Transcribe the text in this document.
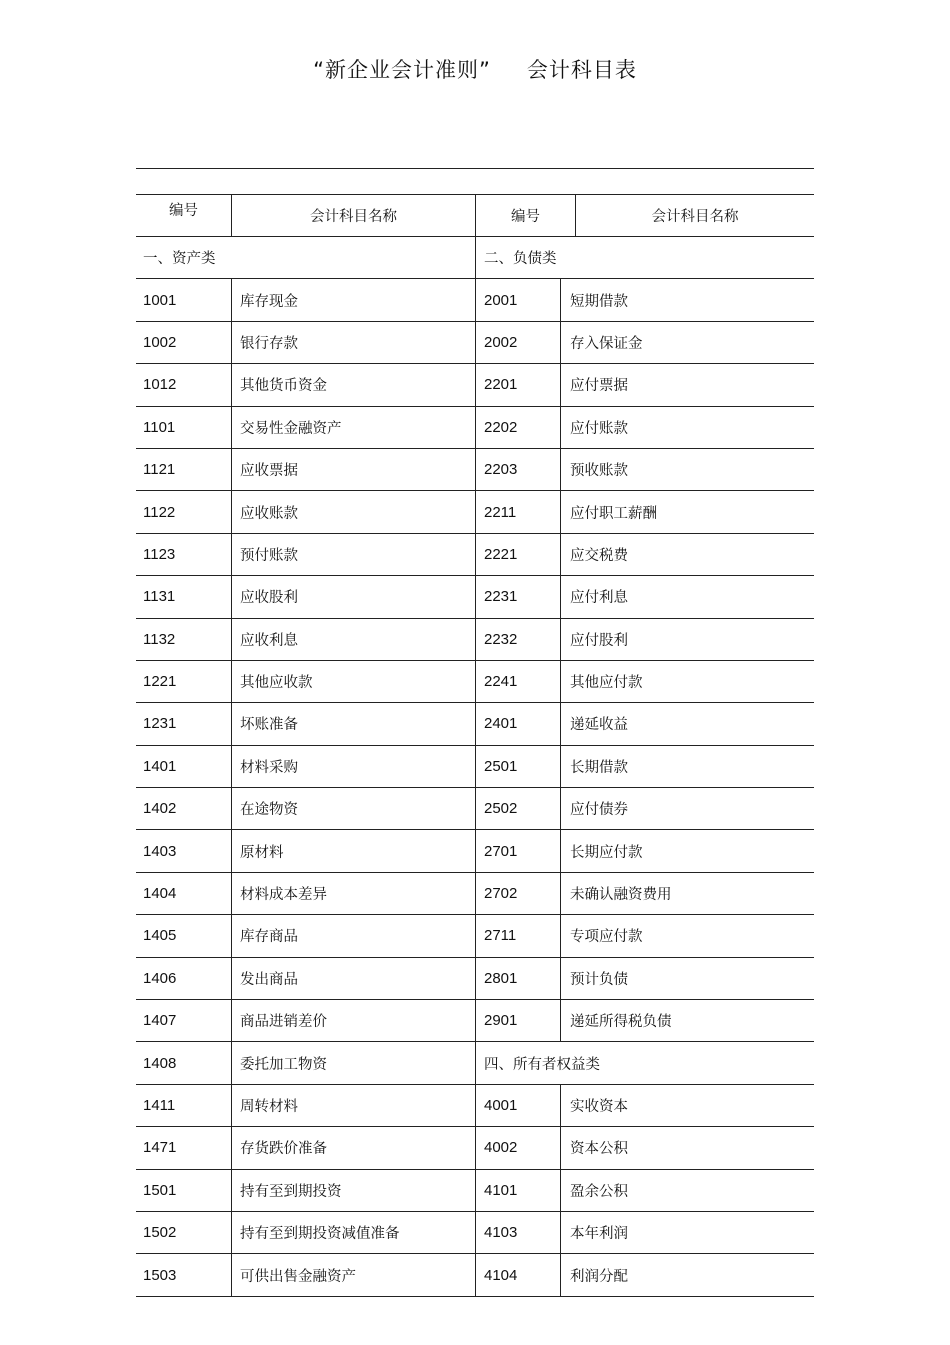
“新企业会计准则” 会计科目表
编号	会计科目名称	编号	会计科目名称
一、资产类	二、负债类
1001	库存现金	2001	短期借款
1002	银行存款	2002	存入保证金
1012	其他货币资金	2201	应付票据
1101	交易性金融资产	2202	应付账款
1121	应收票据	2203	预收账款
1122	应收账款	2211	应付职工薪酬
1123	预付账款	2221	应交税费
1131	应收股利	2231	应付利息
1132	应收利息	2232	应付股利
1221	其他应收款	2241	其他应付款
1231	坏账准备	2401	递延收益
1401	材料采购	2501	长期借款
1402	在途物资	2502	应付债券
1403	原材料	2701	长期应付款
1404	材料成本差异	2702	未确认融资费用
1405	库存商品	2711	专项应付款
1406	发出商品	2801	预计负债
1407	商品进销差价	2901	递延所得税负债
1408	委托加工物资	四、所有者权益类
1411	周转材料	4001	实收资本
1471	存货跌价准备	4002	资本公积
1501	持有至到期投资	4101	盈余公积
1502	持有至到期投资减值准备	4103	本年利润
1503	可供出售金融资产	4104	利润分配
